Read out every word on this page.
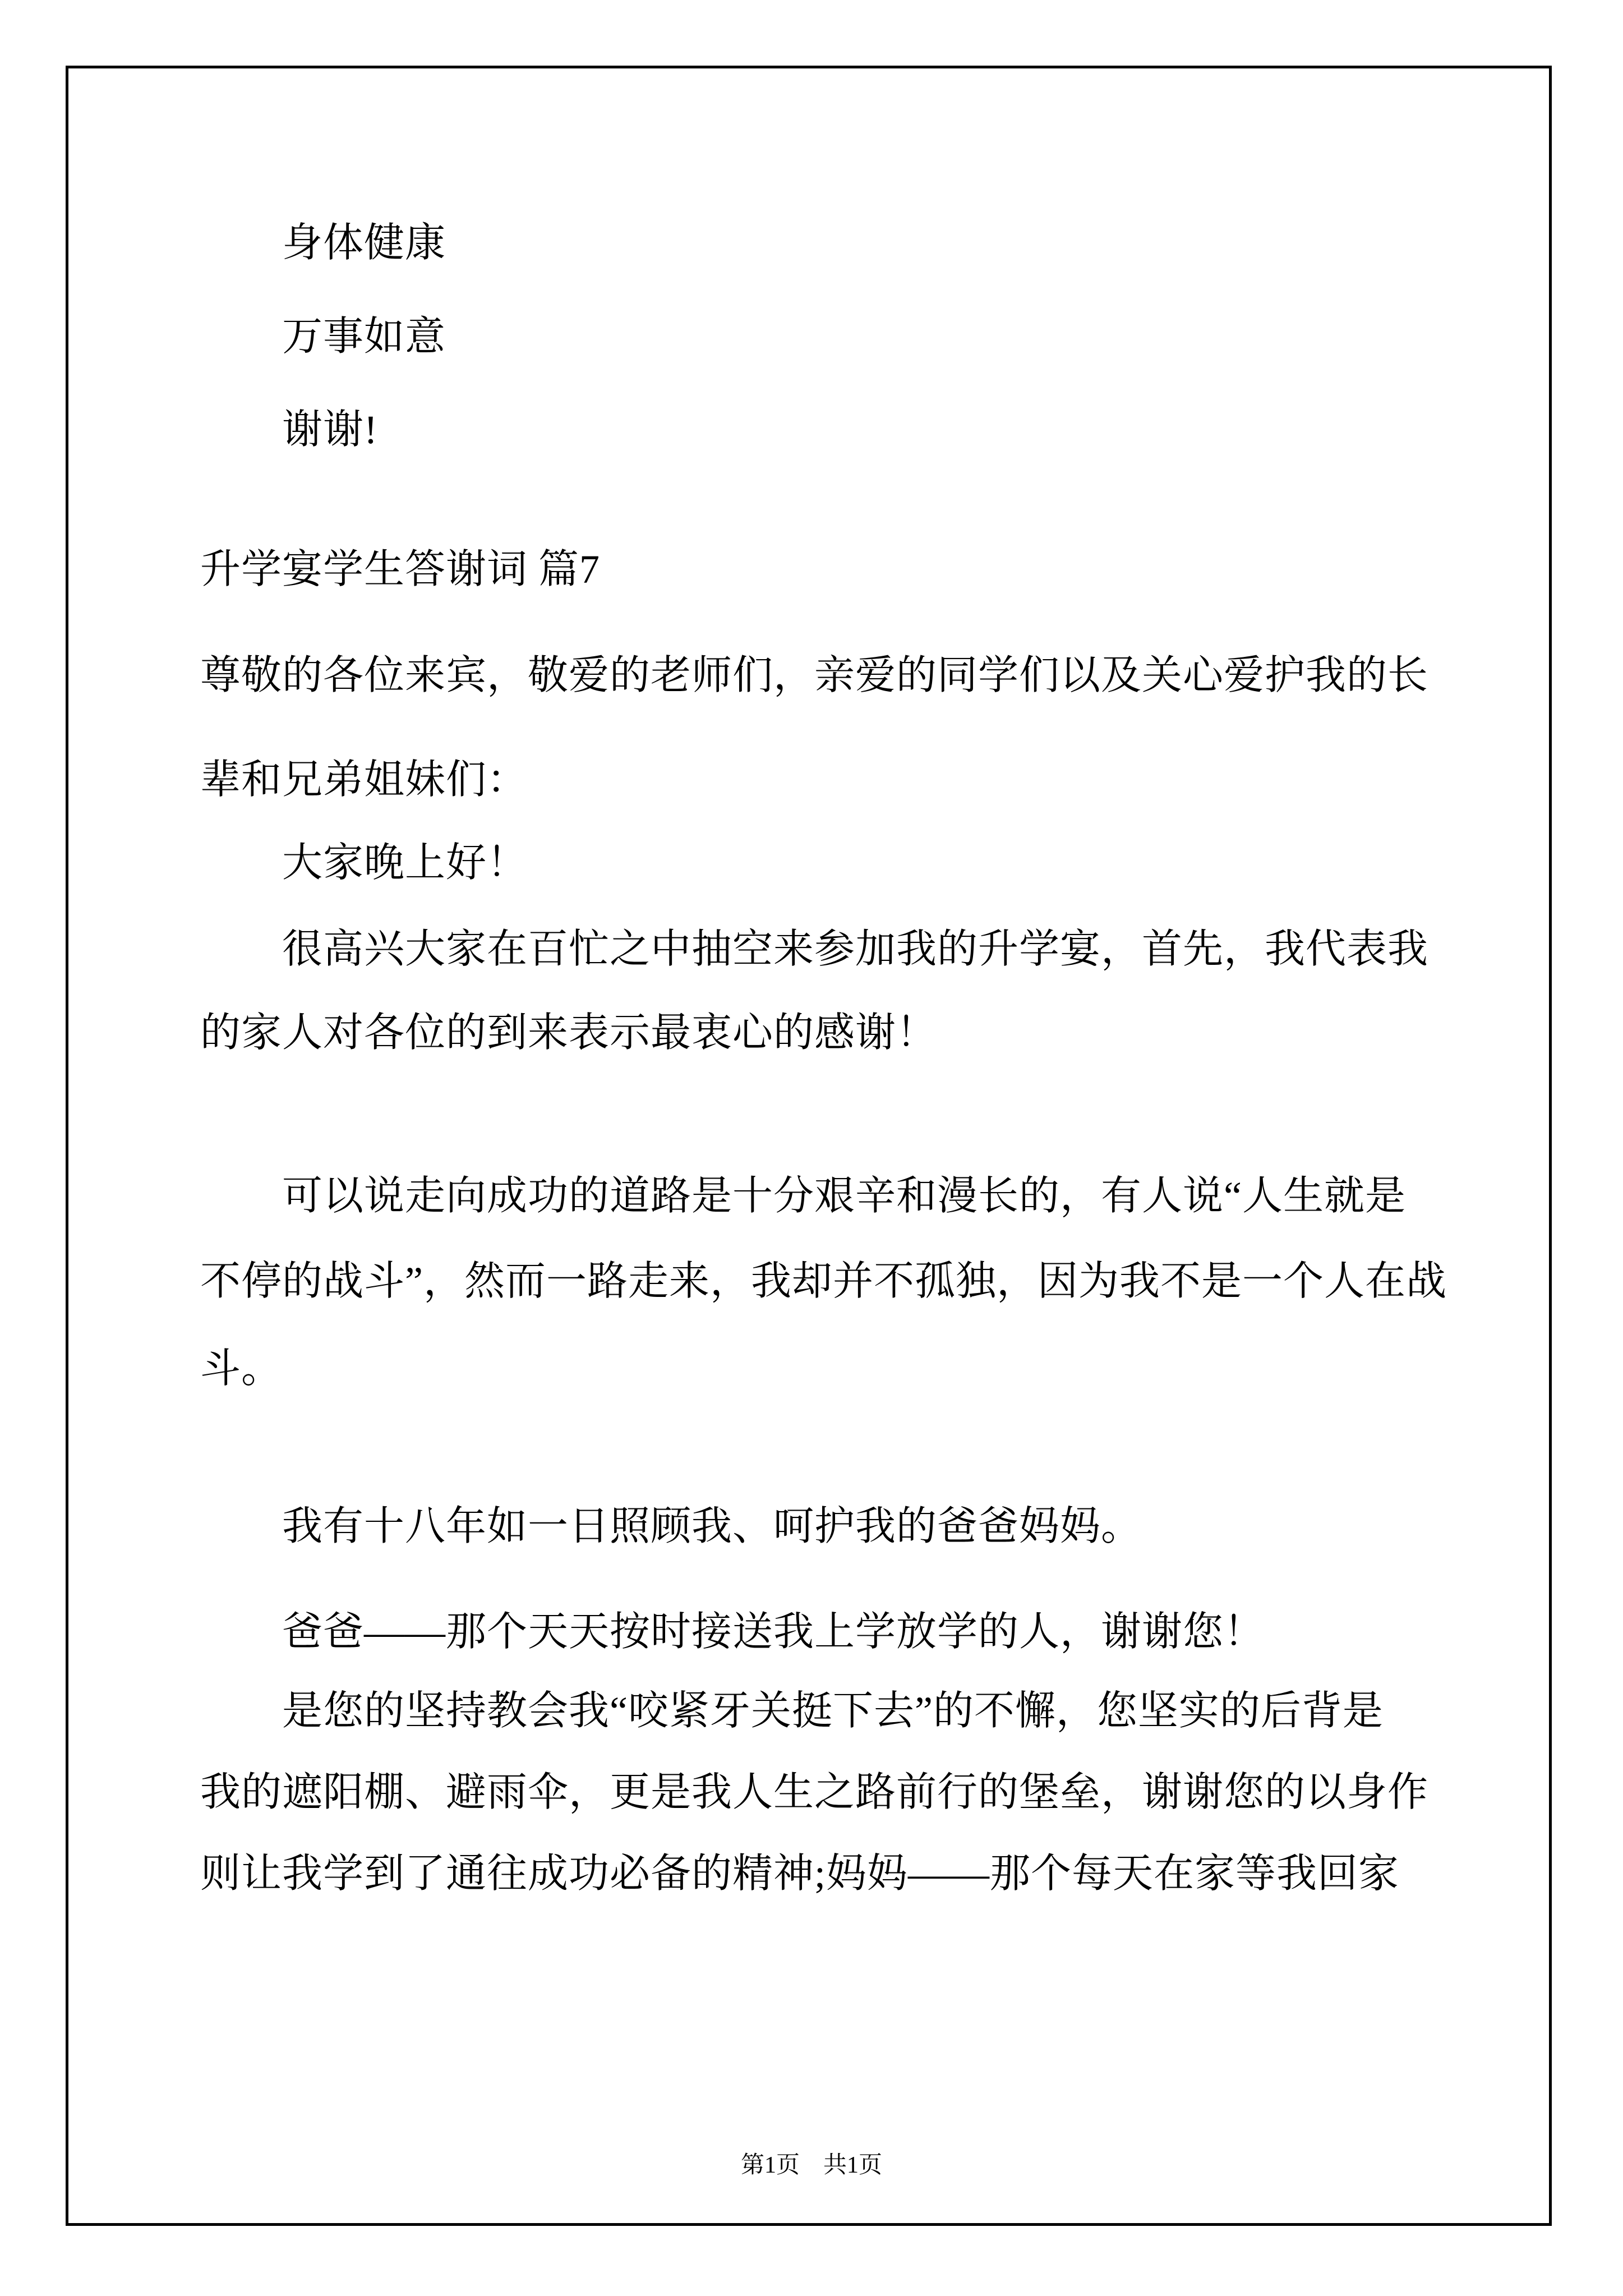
身体健康
万事如意
谢谢!
升学宴学生答谢词 篇7
尊敬的各位来宾，敬爱的老师们，亲爱的同学们以及关心爱护我的长
辈和兄弟姐妹们：
大家晚上好！
很高兴大家在百忙之中抽空来参加我的升学宴，首先，我代表我
的家人对各位的到来表示最衷心的感谢！
可以说走向成功的道路是十分艰辛和漫长的，有人说“人生就是
不停的战斗”，然而一路走来，我却并不孤独，因为我不是一个人在战
斗。
我有十八年如一日照顾我、呵护我的爸爸妈妈。
爸爸——那个天天按时接送我上学放学的人，谢谢您！
是您的坚持教会我“咬紧牙关挺下去”的不懈，您坚实的后背是
我的遮阳棚、避雨伞，更是我人生之路前行的堡垒，谢谢您的以身作
则让我学到了通往成功必备的精神;妈妈——那个每天在家等我回家
第1页　共1页
